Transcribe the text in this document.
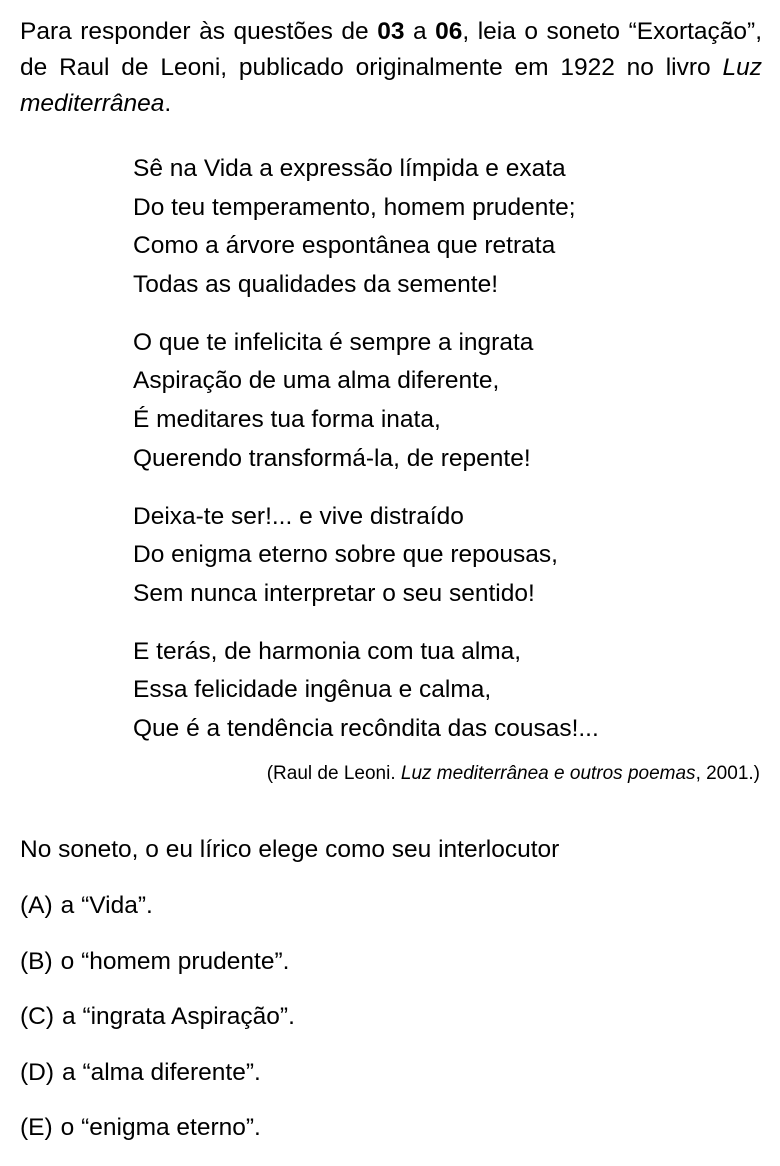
Para responder às questões de 03 a 06, leia o soneto “Exortação”, de Raul de Leoni, publicado originalmente em 1922 no livro Luz mediterrânea.

Sê na Vida a expressão límpida e exata
Do teu temperamento, homem prudente;
Como a árvore espontânea que retrata
Todas as qualidades da semente!
O que te infelicita é sempre a ingrata
Aspiração de uma alma diferente,
É meditares tua forma inata,
Querendo transformá-la, de repente!
Deixa-te ser!... e vive distraído
Do enigma eterno sobre que repousas,
Sem nunca interpretar o seu sentido!
E terás, de harmonia com tua alma,
Essa felicidade ingênua e calma,
Que é a tendência recôndita das cousas!...
(Raul de Leoni. Luz mediterrânea e outros poemas, 2001.)
No soneto, o eu lírico elege como seu interlocutor
(A) a “Vida”.
(B) o “homem prudente”.
(C) a “ingrata Aspiração”.
(D) a “alma diferente”.
(E) o “enigma eterno”.
